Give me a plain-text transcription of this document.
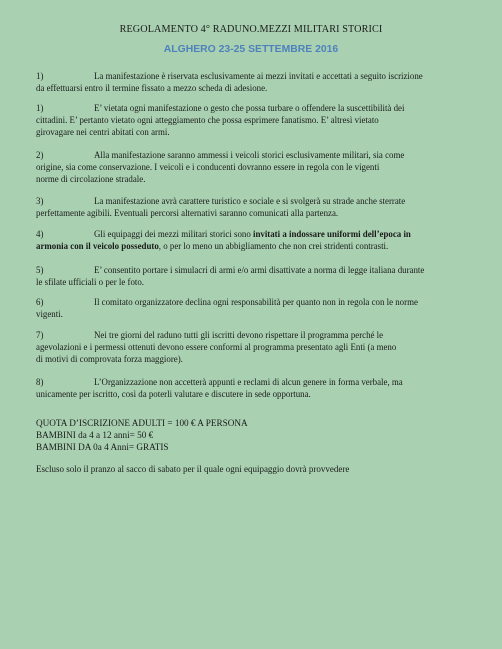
REGOLAMENTO 4° RADUNO.MEZZI MILITARI STORICI
ALGHERO 23-25 SETTEMBRE 2016
1)	La manifestazione è riservata esclusivamente ai mezzi invitati e accettati a seguito iscrizione
da effettuarsi entro il termine fissato a mezzo scheda di adesione.
1)	E’ vietata ogni manifestazione o gesto che possa turbare o offendere la suscettibilità dei
cittadini. E’ pertanto vietato ogni atteggiamento che possa esprimere fanatismo. E’ altresì vietato
girovagare nei centri abitati con armi.
2)	Alla manifestazione saranno ammessi i veicoli storici esclusivamente militari, sia come
origine, sia come conservazione. I veicoli e i conducenti dovranno essere in regola con le vigenti
norme di circolazione stradale.
3)	La manifestazione avrà carattere turistico e sociale e si svolgerà su strade anche sterrate
perfettamente agibili. Eventuali percorsi alternativi saranno comunicati alla partenza.
4)	Gli equipaggi dei mezzi militari storici sono invitati a indossare uniformi dell’epoca in
armonia con il veicolo posseduto, o per lo meno un abbigliamento che non crei stridenti contrasti.
5)	E’ consentito portare i simulacri di armi e/o armi disattivate a norma di legge italiana durante
le sfilate ufficiali o per le foto.
6)	Il comitato organizzatore declina ogni responsabilità per quanto non in regola con le norme
vigenti.
7)	Nei tre giorni del raduno tutti gli iscritti devono rispettare il programma perché le
agevolazioni e i permessi ottenuti devono essere conformi al programma presentato agli Enti (a meno
di motivi di comprovata forza maggiore).
8)	L’Organizzazione non accetterà appunti e reclami di alcun genere in forma verbale, ma
unicamente per iscritto, così da poterli valutare e discutere in sede opportuna.
QUOTA D’ISCRIZIONE ADULTI = 100 € A PERSONA
BAMBINI da 4 a 12 anni= 50 €
BAMBINI DA 0a 4 Anni= GRATIS
Escluso solo il pranzo al sacco di sabato per il quale ogni equipaggio dovrà provvedere
